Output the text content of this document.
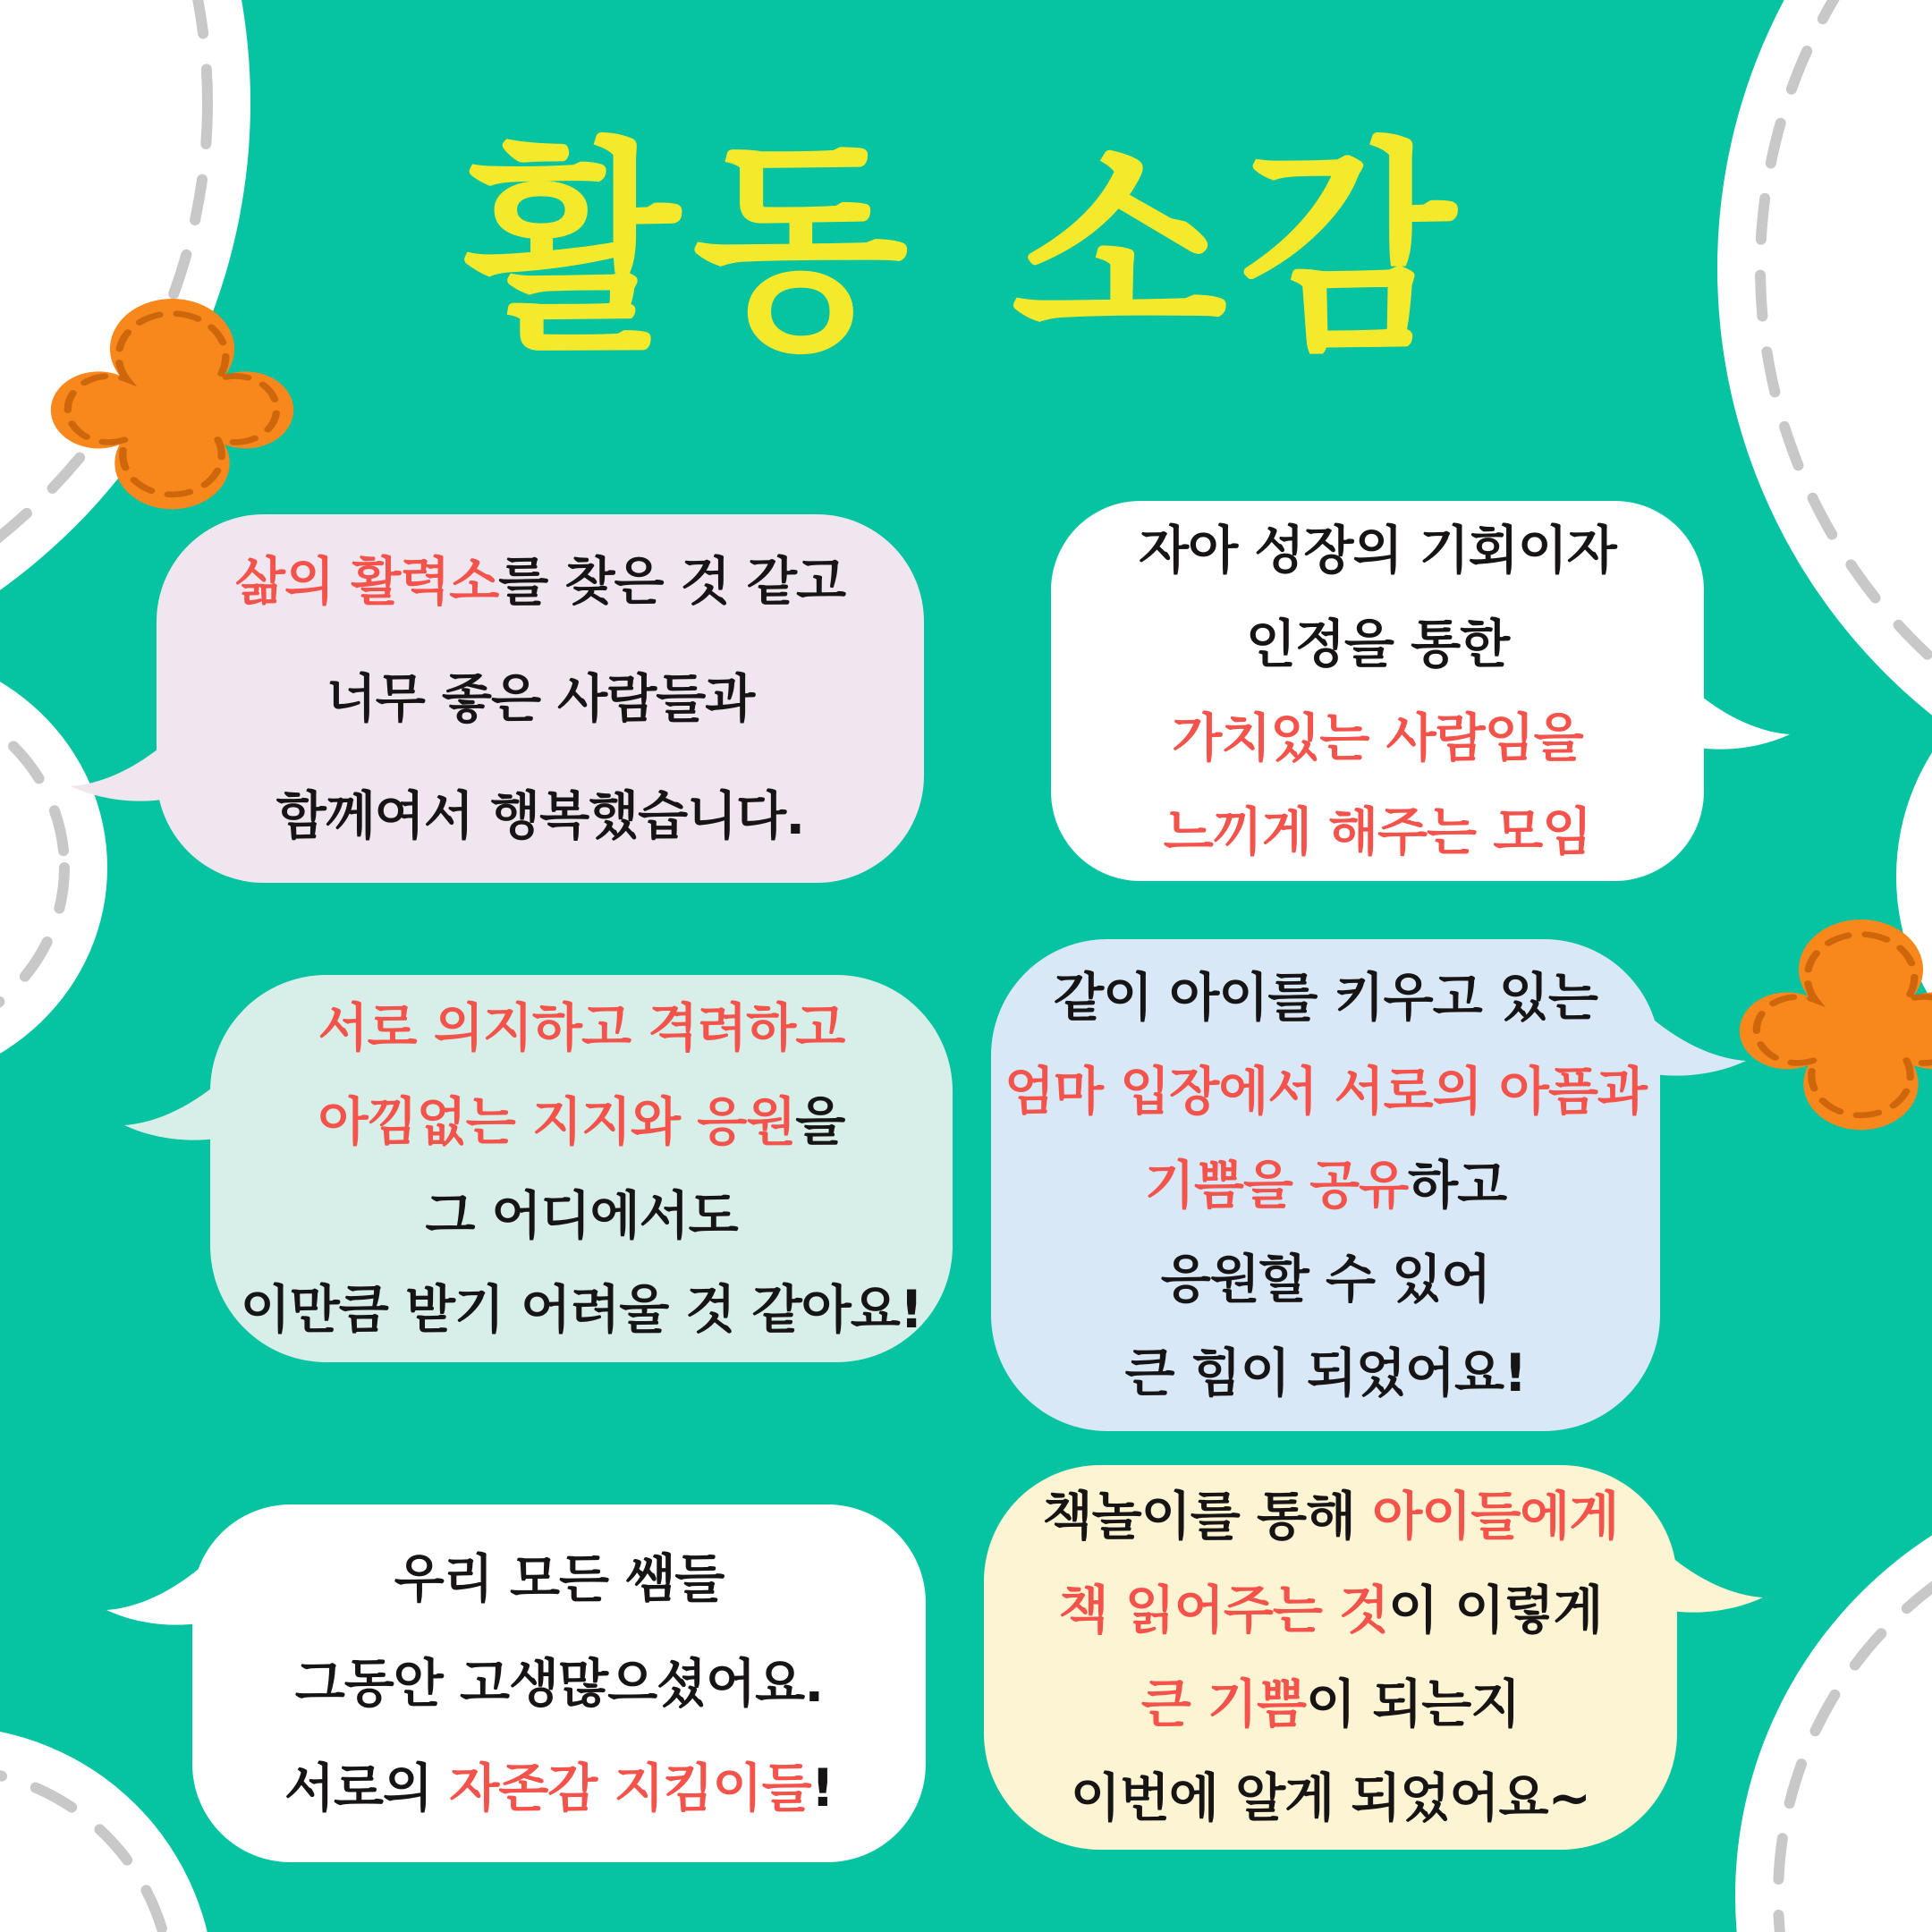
활동 소감
삶의 활력소를 찾은 것 같고
너무 좋은 사람들과
함께여서 행복했습니다.
자아 성장의 기회이자
인정을 통한
가치있는 사람임을
느끼게 해주는 모임
서로 의지하고 격려하고
아낌없는 지지와 응원을
그 어디에서도
이만큼 받기 어려울 것 같아요!
같이 아이를 키우고 있는
엄마 입장에서 서로의 아픔과
기쁨을 공유하고
응원할 수 있어
큰 힘이 되었어요!
우리 모든 쌤들
그동안 고생많으셨어요.
서로의 자존감 지킴이들!
책놀이를 통해 아이들에게
책 읽어주는 것이 이렇게
큰 기쁨이 되는지
이번에 알게 되었어요~
